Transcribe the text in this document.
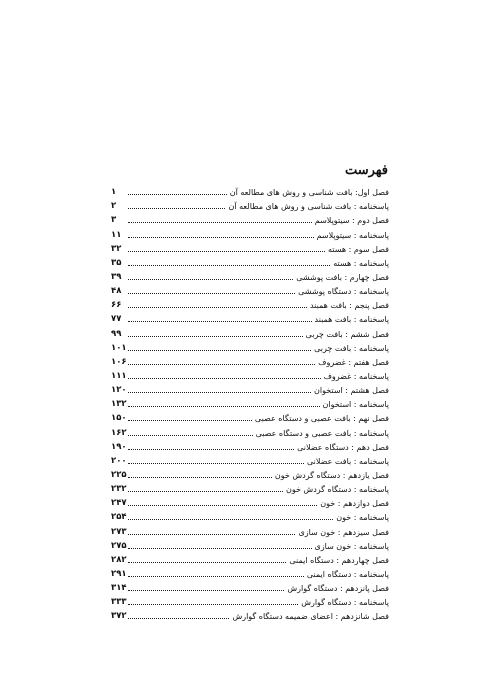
فهرست
فصل اول: بافت شناسی و روش های مطالعه آن
۱
پاسخنامه : بافت شناسی و روش های مطالعه آن
۲
فصل دوم : سیتوپلاسم
۳
پاسخنامه : سیتوپلاسم
۱۱
فصل سوم : هسته
۳۲
پاسخنامه : هسته
۳۵
فصل چهارم : بافت پوششی
۳۹
پاسخنامه : دستگاه پوششی
۴۸
فصل پنجم : بافت همبند
۶۶
پاسخنامه : بافت همبند
۷۷
فصل ششم : بافت چربی
۹۹
پاسخنامه : بافت چربی
۱۰۱
فصل هفتم : غضروف
۱۰۶
پاسخنامه : غضروف
۱۱۱
فصل هشتم : استخوان
۱۲۰
پاسخنامه : استخوان
۱۳۲
فصل نهم : بافت عصبی و دستگاه عصبی
۱۵۰
پاسخنامه : بافت عصبی و دستگاه عصبی
۱۶۲
فصل دهم : دستگاه عضلانی
۱۹۰
پاسخنامه : بافت عضلانی
۲۰۰
فصل یازدهم : دستگاه گردش خون
۲۲۵
پاسخنامه : دستگاه گردش خون
۲۳۲
فصل دوازدهم : خون
۲۴۷
پاسخنامه : خون
۲۵۴
فصل سیزدهم : خون سازی
۲۷۳
پاسخنامه : خون سازی
۲۷۵
فصل چهاردهم : دستگاه ایمنی
۲۸۲
پاسخنامه : دستگاه ایمنی
۲۹۱
فصل پانزدهم : دستگاه گوارش
۳۱۴
پاسخنامه : دستگاه گوارش
۳۳۳
فصل شانزدهم : اعضای ضمیمه دستگاه گوارش
۳۷۲
